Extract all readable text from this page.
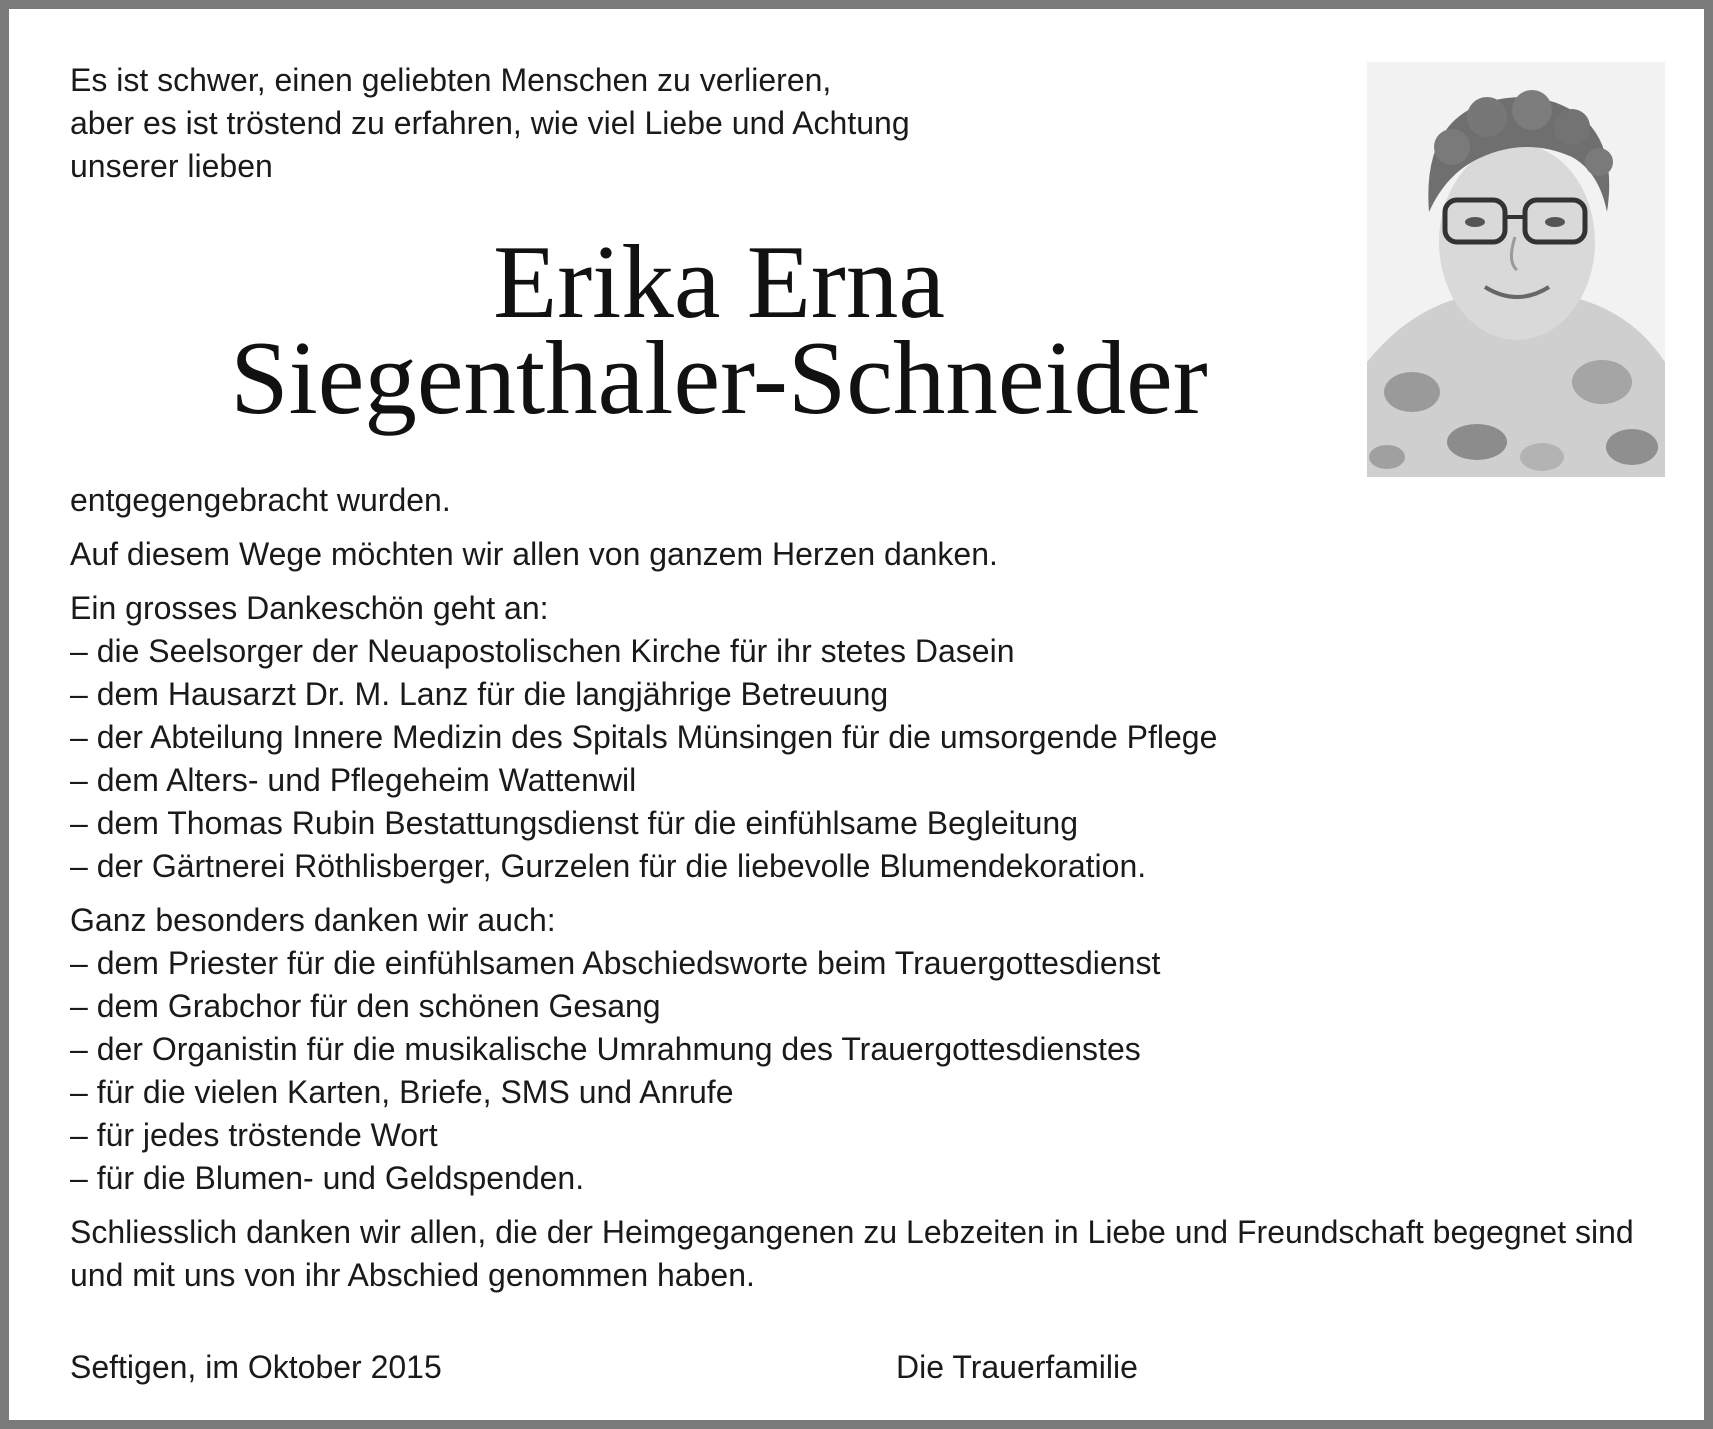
Es ist schwer, einen geliebten Menschen zu verlieren,
aber es ist tröstend zu erfahren, wie viel Liebe und Achtung
unserer lieben
Erika Erna
Siegenthaler-Schneider
entgegengebracht wurden.
Auf diesem Wege möchten wir allen von ganzem Herzen danken.
Ein grosses Dankeschön geht an:
– die Seelsorger der Neuapostolischen Kirche für ihr stetes Dasein
– dem Hausarzt Dr. M. Lanz für die langjährige Betreuung
– der Abteilung Innere Medizin des Spitals Münsingen für die umsorgende Pflege
– dem Alters- und Pflegeheim Wattenwil
– dem Thomas Rubin Bestattungsdienst für die einfühlsame Begleitung
– der Gärtnerei Röthlisberger, Gurzelen für die liebevolle Blumendekoration.
Ganz besonders danken wir auch:
– dem Priester für die einfühlsamen Abschiedsworte beim Trauergottesdienst
– dem Grabchor für den schönen Gesang
– der Organistin für die musikalische Umrahmung des Trauergottesdienstes
– für die vielen Karten, Briefe, SMS und Anrufe
– für jedes tröstende Wort
– für die Blumen- und Geldspenden.
Schliesslich danken wir allen, die der Heimgegangenen zu Lebzeiten in Liebe und Freundschaft begegnet sind
und mit uns von ihr Abschied genommen haben.
Seftigen, im Oktober 2015	Die Trauerfamilie
